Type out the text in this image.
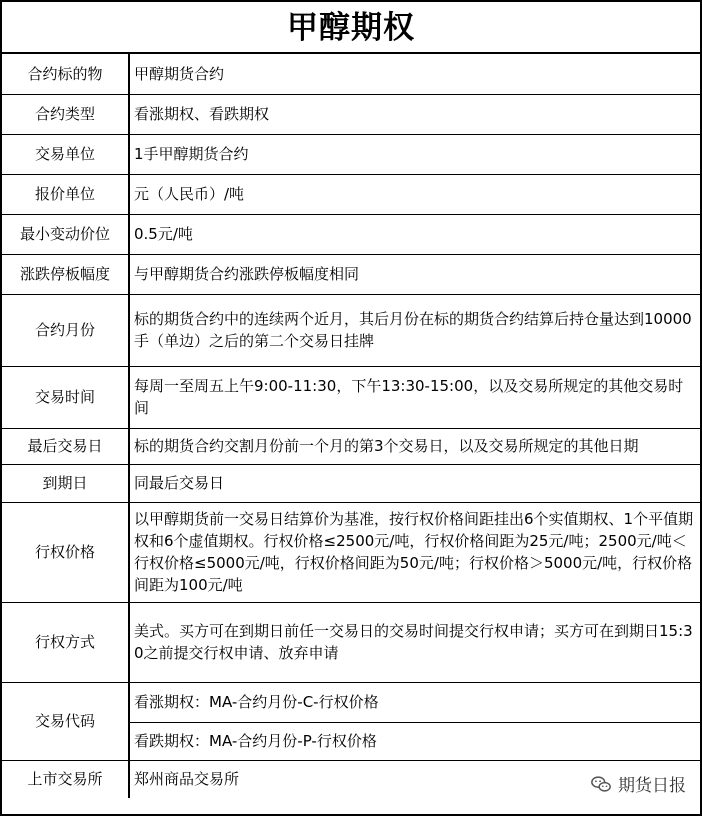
甲醇期权
合约标的物	甲醇期货合约
合约类型	看涨期权、看跌期权
交易单位	1手甲醇期货合约
报价单位	元（人民币）/吨
最小变动价位	0.5元/吨
涨跌停板幅度	与甲醇期货合约涨跌停板幅度相同
合约月份	标的期货合约中的连续两个近月，其后月份在标的期货合约结算后持仓量达到10000手（单边）之后的第二个交易日挂牌
交易时间	每周一至周五上午9:00-11:30，下午13:30-15:00，以及交易所规定的其他交易时间
最后交易日	标的期货合约交割月份前一个月的第3个交易日，以及交易所规定的其他日期
到期日	同最后交易日
行权价格	以甲醇期货前一交易日结算价为基准，按行权价格间距挂出6个实值期权、1个平值期权和6个虚值期权。行权价格≤2500元/吨，行权价格间距为25元/吨；2500元/吨＜行权价格≤5000元/吨，行权价格间距为50元/吨；行权价格＞5000元/吨，行权价格间距为100元/吨
行权方式	美式。买方可在到期日前任一交易日的交易时间提交行权申请；买方可在到期日15:30之前提交行权申请、放弃申请
交易代码	看涨期权：MA-合约月份-C-行权价格
	看跌期权：MA-合约月份-P-行权价格
上市交易所	郑州商品交易所	期货日报
